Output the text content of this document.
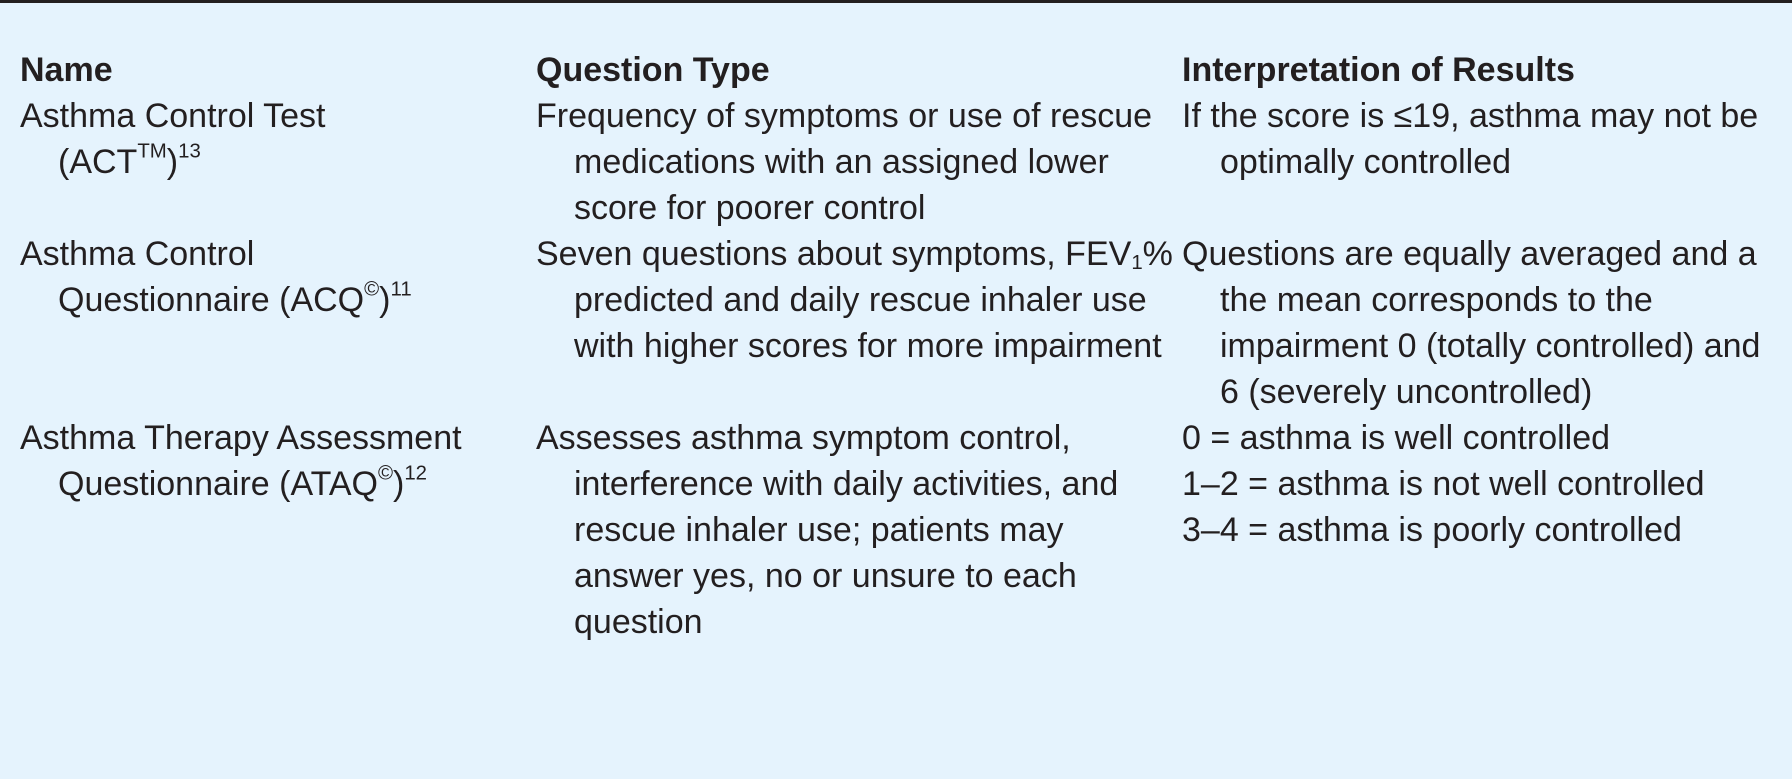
Name	Question Type	Interpretation of Results

Asthma Control Test
$(ACT™)^{13}$	Frequency of symptoms or use of rescue medications with an assigned lower score for poorer control	If the score is ≤19, asthma may not be optimally controlled

Asthma Control
Questionnaire $(ACQ©)^{11}$	Seven questions about symptoms, $FEV_1\%$ predicted and daily rescue inhaler use with higher scores for more impairment	Questions are equally averaged and a the mean corresponds to the impairment 0 (totally controlled) and 6 (severely uncontrolled)

Asthma Therapy Assessment
Questionnaire (ATAQ©)$^{12}$	Assesses asthma symptom control, interference with daily activities, and rescue inhaler use; patients may answer yes, no or unsure to each question	0 = asthma is well controlled
1–2 = asthma is not well controlled
3–4 = asthma is poorly controlled
